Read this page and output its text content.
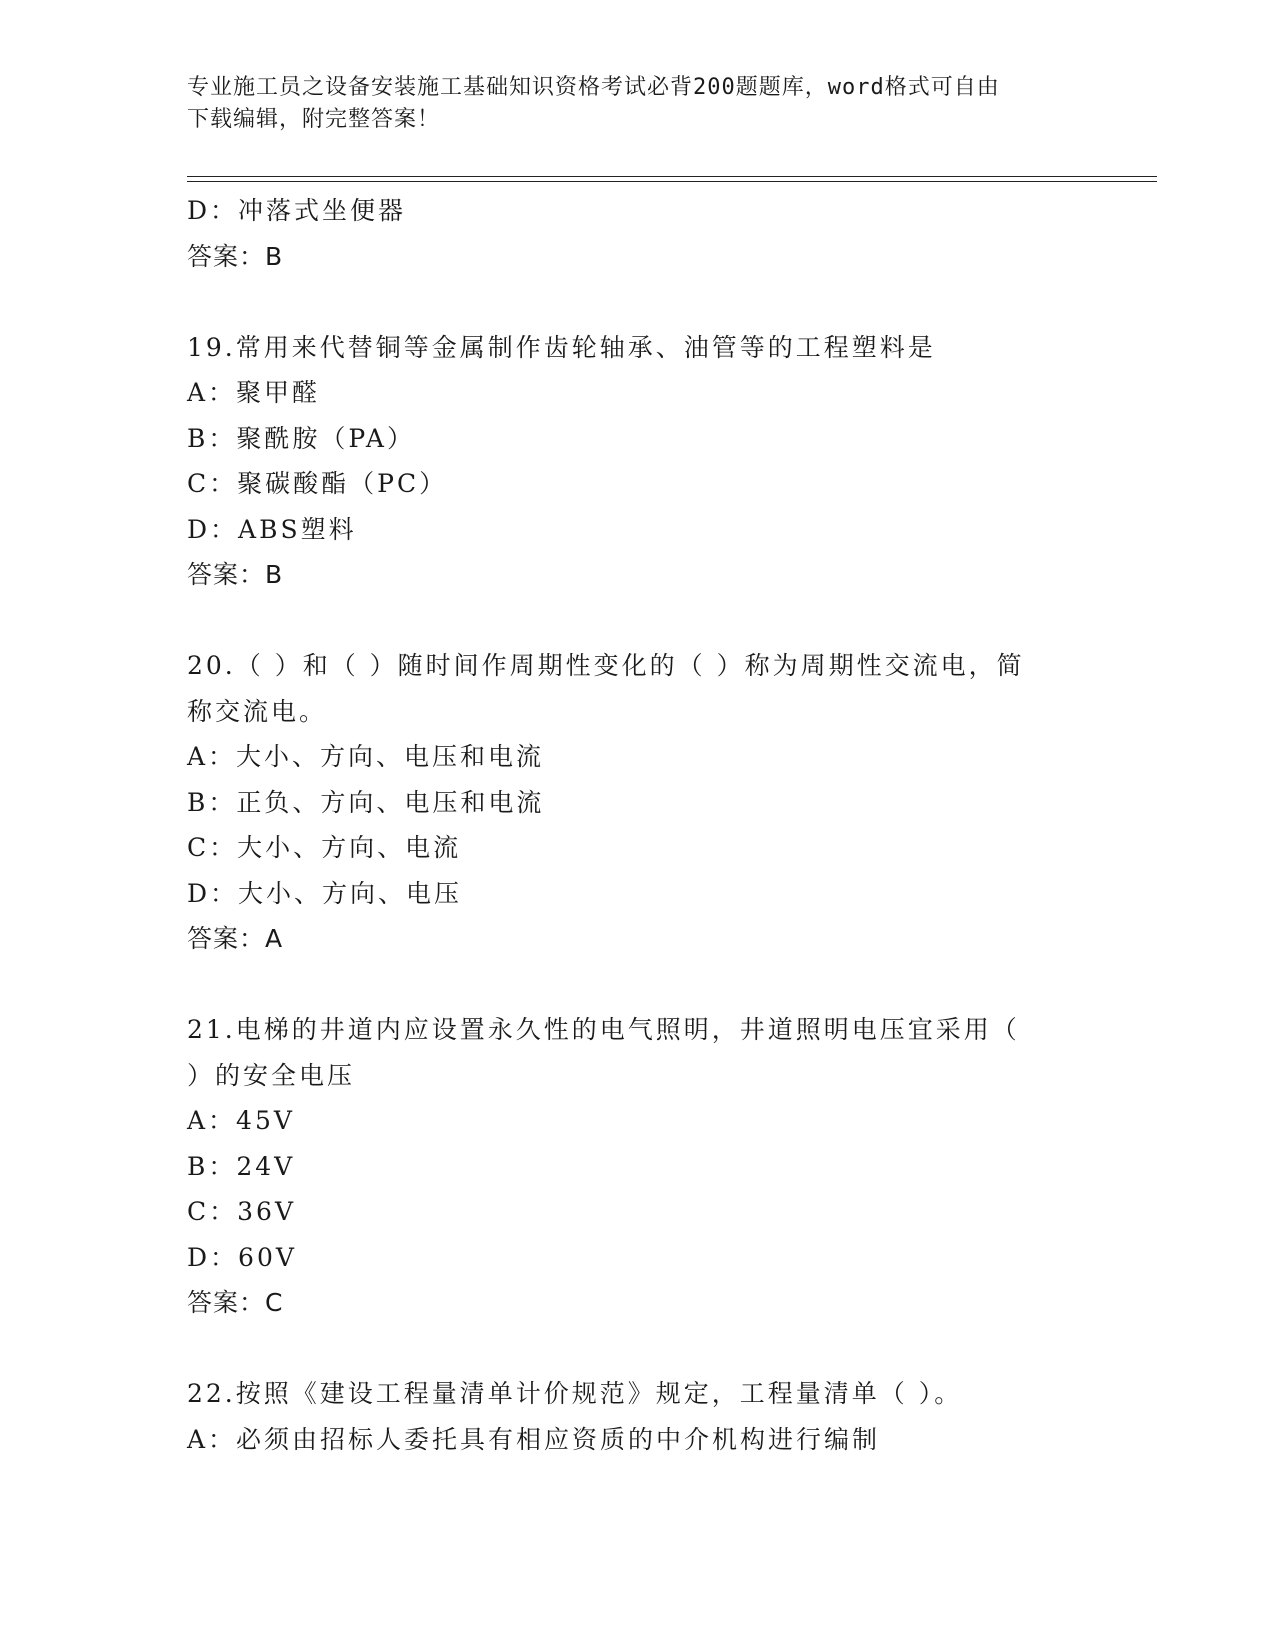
专业施工员之设备安装施工基础知识资格考试必背200题题库，word格式可自由
下载编辑，附完整答案！
D：冲落式坐便器
答案：B
19.常用来代替铜等金属制作齿轮轴承、油管等的工程塑料是
A：聚甲醛
B：聚酰胺（PA）
C：聚碳酸酯（PC）
D：ABS塑料
答案：B
20.（ ）和（ ）随时间作周期性变化的（ ）称为周期性交流电，简称交流电。
A：大小、方向、电压和电流
B：正负、方向、电压和电流
C：大小、方向、电流
D：大小、方向、电压
答案：A
21.电梯的井道内应设置永久性的电气照明，井道照明电压宜采用（ ）的安全电压
A：45V
B：24V
C：36V
D：60V
答案：C
22.按照《建设工程量清单计价规范》规定，工程量清单（ ）。
A：必须由招标人委托具有相应资质的中介机构进行编制
